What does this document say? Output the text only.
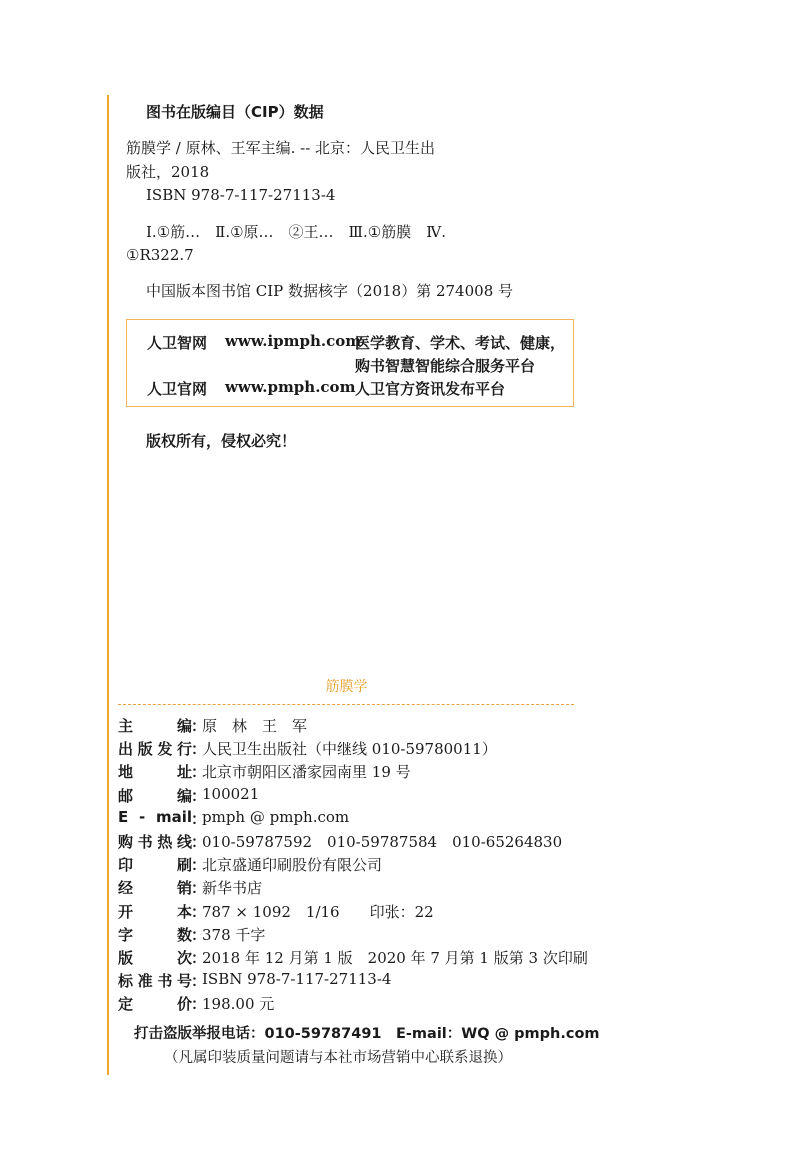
图书在版编目（CIP）数据
筋膜学 / 原林、王军主编. -- 北京：人民卫生出
版社，2018
ISBN 978-7-117-27113-4
Ⅰ.①筋…　Ⅱ.①原…　②王…　Ⅲ.①筋膜　Ⅳ.
①R322.7
中国版本图书馆 CIP 数据核字（2018）第 274008 号
人卫智网 www.ipmph.com
医学教育、学术、考试、健康，
购书智慧智能综合服务平台
人卫官网 www.pmph.com 人卫官方资讯发布平台
版权所有，侵权必究！
筋膜学
主编 ：
原　林　王　军
出版发行 ：
人民卫生出版社（中继线 010-59780011）
地址 ：
北京市朝阳区潘家园南里 19 号
邮编 ：
100021
E - mail ：
pmph @ pmph.com
购书热线 ：
010-59787592　010-59787584　010-65264830
印刷 ：
北京盛通印刷股份有限公司
经销 ：
新华书店
开本 ：
787 × 1092　1/16　　印张：22
字数 ：
378 千字
版次 ：
2018 年 12 月第 1 版　2020 年 7 月第 1 版第 3 次印刷
标准书号 ：
ISBN 978-7-117-27113-4
定价 ：
198.00 元
打击盗版举报电话：010-59787491　E-mail：WQ @ pmph.com
（凡属印装质量问题请与本社市场营销中心联系退换）
